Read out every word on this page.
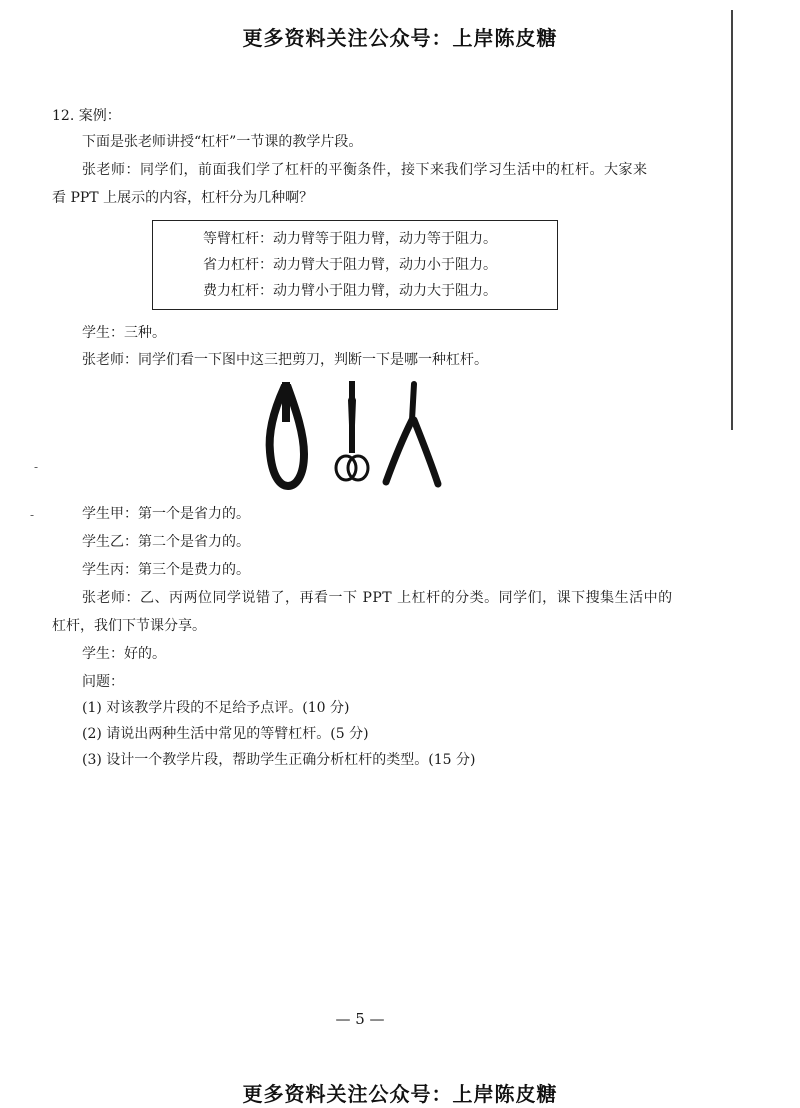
更多资料关注公众号：上岸陈皮糖
12. 案例：
下面是张老师讲授“杠杆”一节课的教学片段。
张老师：同学们，前面我们学了杠杆的平衡条件，接下来我们学习生活中的杠杆。大家来
看 PPT 上展示的内容，杠杆分为几种啊？
等臂杠杆：动力臂等于阻力臂，动力等于阻力。
省力杠杆：动力臂大于阻力臂，动力小于阻力。
费力杠杆：动力臂小于阻力臂，动力大于阻力。
学生：三种。
张老师：同学们看一下图中这三把剪刀，判断一下是哪一种杠杆。
-
-	学生甲：第一个是省力的。
学生乙：第二个是省力的。
学生丙：第三个是费力的。
张老师：乙、丙两位同学说错了，再看一下 PPT 上杠杆的分类。同学们，课下搜集生活中的
杠杆，我们下节课分享。
学生：好的。
问题：
(1) 对该教学片段的不足给予点评。(10 分)
(2) 请说出两种生活中常见的等臂杠杆。(5 分)
(3) 设计一个教学片段，帮助学生正确分析杠杆的类型。(15 分)
— 5 —
更多资料关注公众号：上岸陈皮糖
